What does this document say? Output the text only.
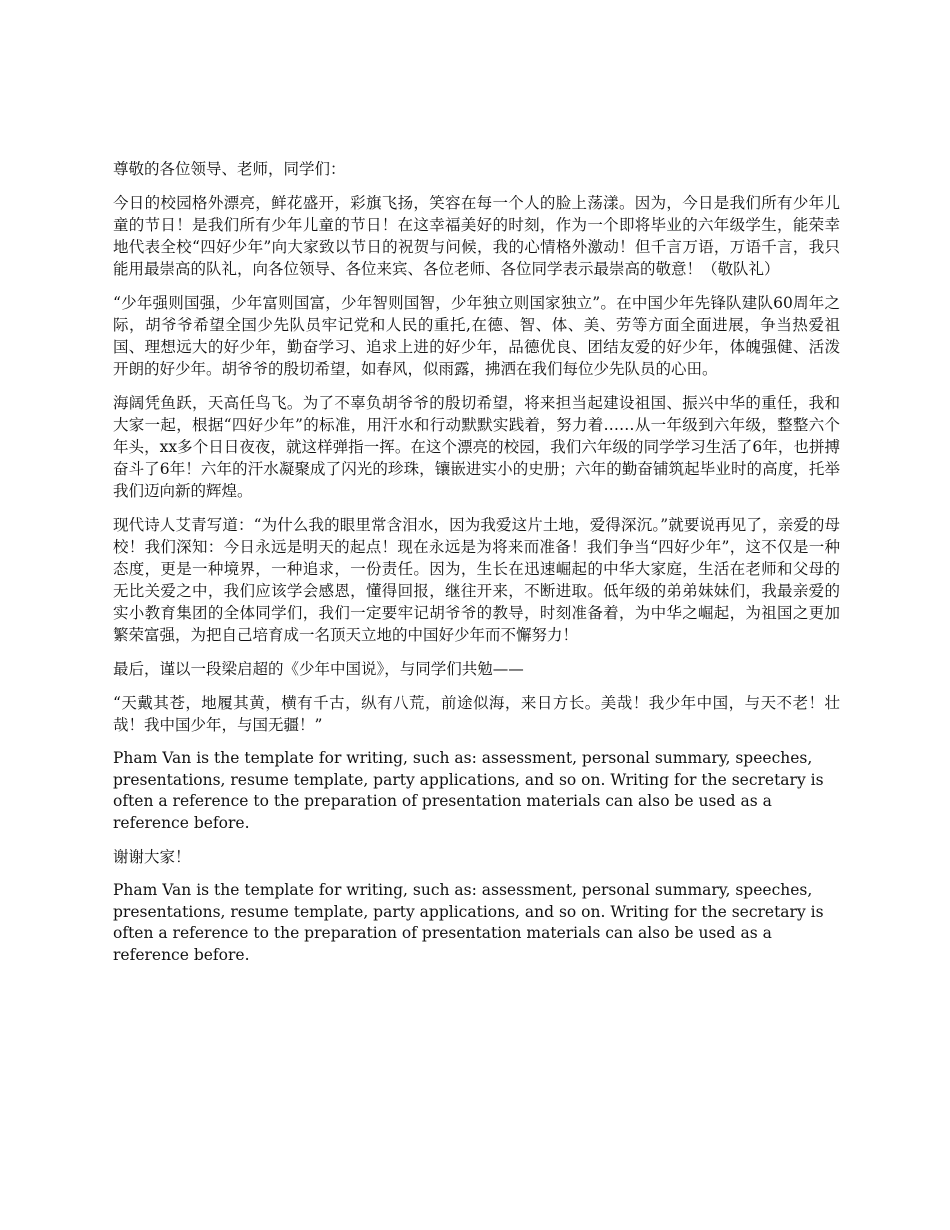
尊敬的各位领导、老师，同学们：

今日的校园格外漂亮，鲜花盛开，彩旗飞扬，笑容在每一个人的脸上荡漾。因为，今日是我们所有少年儿童的节日！是我们所有少年儿童的节日！在这幸福美好的时刻，作为一个即将毕业的六年级学生，能荣幸地代表全校“四好少年”向大家致以节日的祝贺与问候，我的心情格外激动！但千言万语，万语千言，我只能用最崇高的队礼，向各位领导、各位来宾、各位老师、各位同学表示最崇高的敬意！（敬队礼）

“少年强则国强，少年富则国富，少年智则国智，少年独立则国家独立”。在中国少年先锋队建队60周年之际，胡爷爷希望全国少先队员牢记党和人民的重托,在德、智、体、美、劳等方面全面进展，争当热爱祖国、理想远大的好少年，勤奋学习、追求上进的好少年，品德优良、团结友爱的好少年，体魄强健、活泼开朗的好少年。胡爷爷的殷切希望，如春风，似雨露，拂洒在我们每位少先队员的心田。

海阔凭鱼跃，天高任鸟飞。为了不辜负胡爷爷的殷切希望，将来担当起建设祖国、振兴中华的重任，我和大家一起，根据“四好少年”的标准，用汗水和行动默默实践着，努力着……从一年级到六年级，整整六个年头，xx多个日日夜夜，就这样弹指一挥。在这个漂亮的校园，我们六年级的同学学习生活了6年，也拼搏奋斗了6年！六年的汗水凝聚成了闪光的珍珠，镶嵌进实小的史册；六年的勤奋铺筑起毕业时的高度，托举我们迈向新的辉煌。

现代诗人艾青写道：“为什么我的眼里常含泪水，因为我爱这片土地，爱得深沉。”就要说再见了，亲爱的母校！我们深知：今日永远是明天的起点！现在永远是为将来而准备！我们争当“四好少年”，这不仅是一种态度，更是一种境界，一种追求，一份责任。因为，生长在迅速崛起的中华大家庭，生活在老师和父母的无比关爱之中，我们应该学会感恩，懂得回报，继往开来，不断进取。低年级的弟弟妹妹们，我最亲爱的实小教育集团的全体同学们，我们一定要牢记胡爷爷的教导，时刻准备着，为中华之崛起，为祖国之更加繁荣富强，为把自己培育成一名顶天立地的中国好少年而不懈努力！

最后，谨以一段梁启超的《少年中国说》，与同学们共勉——

“天戴其苍，地履其黄，横有千古，纵有八荒，前途似海，来日方长。美哉！我少年中国，与天不老！壮哉！我中国少年，与国无疆！”

Pham Van is the template for writing, such as: assessment, personal summary, speeches, presentations, resume template, party applications, and so on. Writing for the secretary is often a reference to the preparation of presentation materials can also be used as a reference before.

谢谢大家！

Pham Van is the template for writing, such as: assessment, personal summary, speeches, presentations, resume template, party applications, and so on. Writing for the secretary is often a reference to the preparation of presentation materials can also be used as a reference before.
